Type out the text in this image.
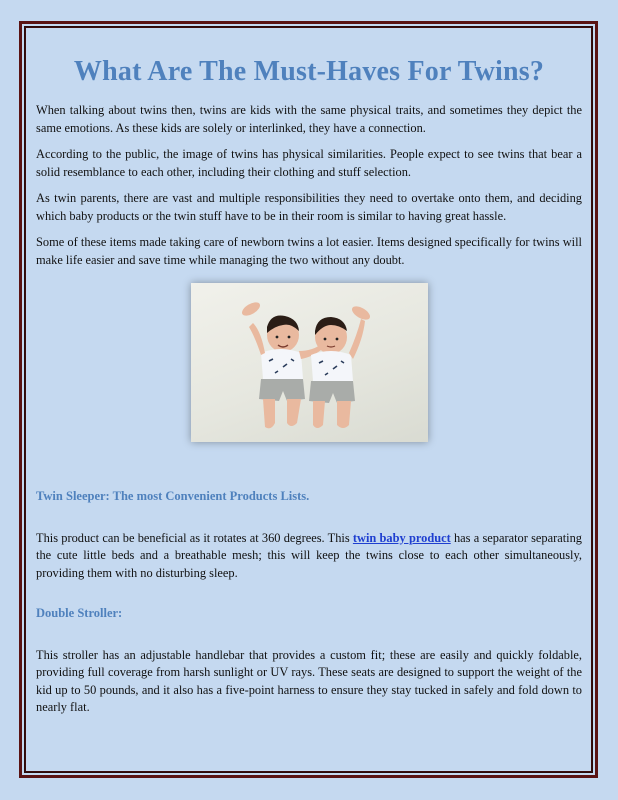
What Are The Must-Haves For Twins?

When talking about twins then, twins are kids with the same physical traits, and sometimes they depict the same emotions. As these kids are solely or interlinked, they have a connection.

According to the public, the image of twins has physical similarities. People expect to see twins that bear a solid resemblance to each other, including their clothing and stuff selection.

As twin parents, there are vast and multiple responsibilities they need to overtake onto them, and deciding which baby products or the twin stuff have to be in their room is similar to having great hassle.

Some of these items made taking care of newborn twins a lot easier. Items designed specifically for twins will make life easier and save time while managing the two without any doubt.

Twin Sleeper: The most Convenient Products Lists.

This product can be beneficial as it rotates at 360 degrees. This twin baby product has a separator separating the cute little beds and a breathable mesh; this will keep the twins close to each other simultaneously, providing them with no disturbing sleep.

Double Stroller:

This stroller has an adjustable handlebar that provides a custom fit; these are easily and quickly foldable, providing full coverage from harsh sunlight or UV rays. These seats are designed to support the weight of the kid up to 50 pounds, and it also has a five-point harness to ensure they stay tucked in safely and fold down to nearly flat.
